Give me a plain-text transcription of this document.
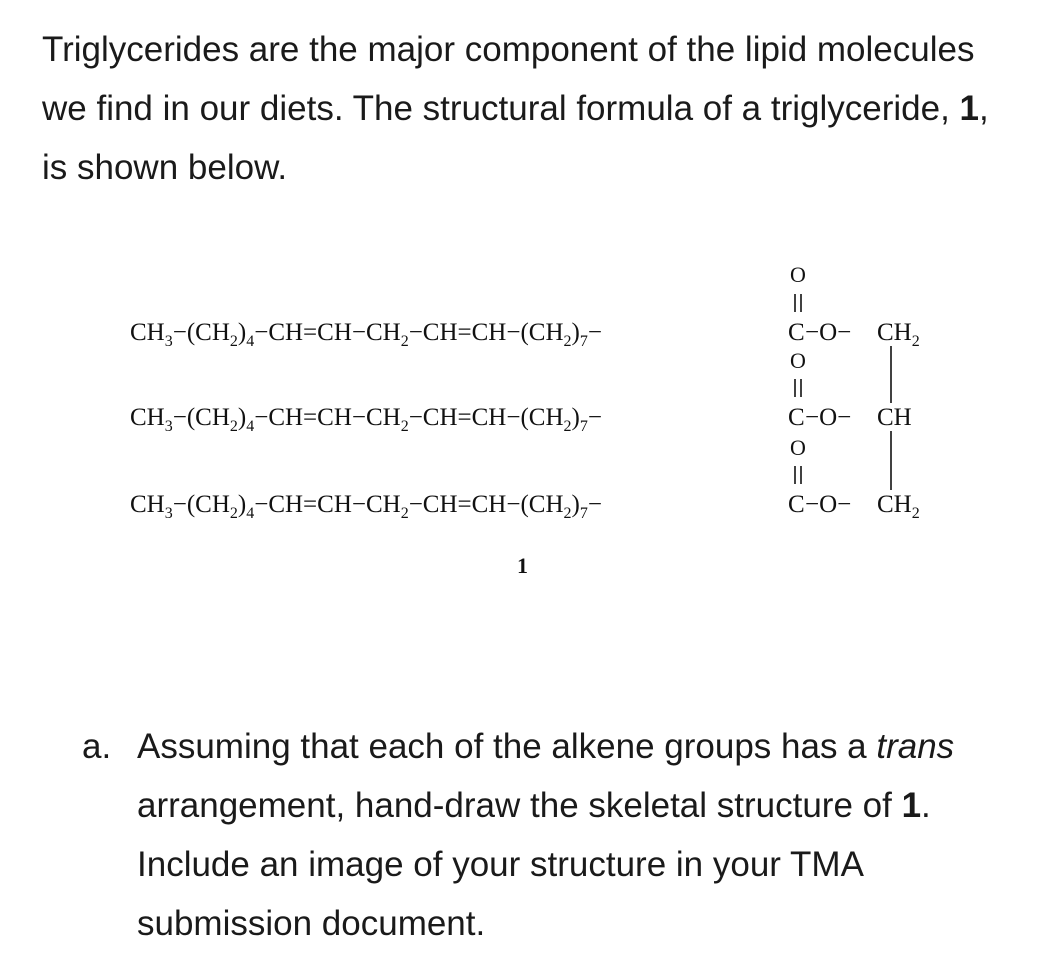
Triglycerides are the major component of the lipid molecules we find in our diets. The structural formula of a triglyceride, 1, is shown below.

$CH_3-(CH_2)_4-CH=CH-CH_2-CH=CH-(CH_2)_7-$
O
$C -O- CH_2$
$CH_3-(CH_2)_4-CH=CH-CH_2-CH=CH-(CH_2)_7-$
O
C −O− CH
$CH_3-(CH_2)_4-CH=CH-CH_2-CH=CH-(CH_2)_7-$
O
$C -O- CH_2$
1
a. Assuming that each of the alkene groups has a trans arrangement, hand-draw the skeletal structure of 1. Include an image of your structure in your TMA submission document.
